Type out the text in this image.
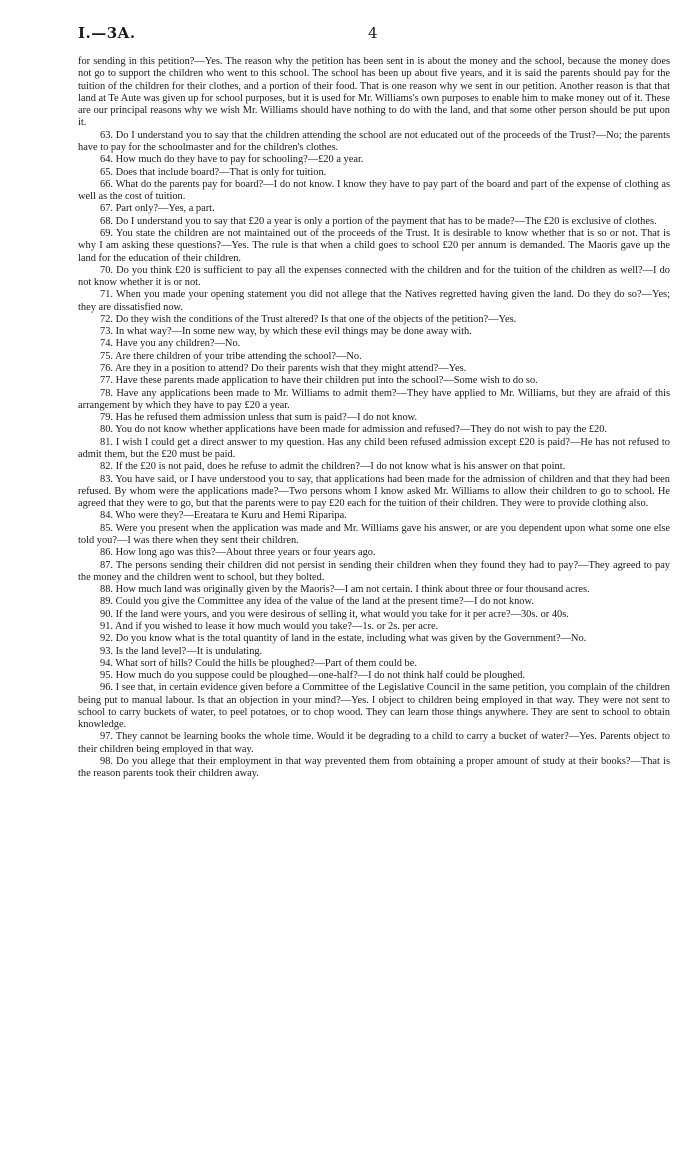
I.—3A.	4

for sending in this petition?—Yes. The reason why the petition has been sent in is about the money and the school, because the money does not go to support the children who went to this school. The school has been up about five years, and it is said the parents should pay for the tuition of the children for their clothes, and a portion of their food. That is one reason why we sent in our petition. Another reason is that that land at Te Aute was given up for school purposes, but it is used for Mr. Williams's own purposes to enable him to make money out of it. These are our principal reasons why we wish Mr. Williams should have nothing to do with the land, and that some other person should be put upon it.

63. Do I understand you to say that the children attending the school are not educated out of the proceeds of the Trust?—No; the parents have to pay for the schoolmaster and for the children's clothes.

64. How much do they have to pay for schooling?—£20 a year.

65. Does that include board?—That is only for tuition.

66. What do the parents pay for board?—I do not know. I know they have to pay part of the board and part of the expense of clothing as well as the cost of tuition.

67. Part only?—Yes, a part.

68. Do I understand you to say that £20 a year is only a portion of the payment that has to be made?—The £20 is exclusive of clothes.

69. You state the children are not maintained out of the proceeds of the Trust. It is desirable to know whether that is so or not. That is why I am asking these questions?—Yes. The rule is that when a child goes to school £20 per annum is demanded. The Maoris gave up the land for the education of their children.

70. Do you think £20 is sufficient to pay all the expenses connected with the children and for the tuition of the children as well?—I do not know whether it is or not.

71. When you made your opening statement you did not allege that the Natives regretted having given the land. Do they do so?—Yes; they are dissatisfied now.

72. Do they wish the conditions of the Trust altered? Is that one of the objects of the petition?—Yes.

73. In what way?—In some new way, by which these evil things may be done away with.

74. Have you any children?—No.

75. Are there children of your tribe attending the school?—No.

76. Are they in a position to attend? Do their parents wish that they might attend?—Yes.

77. Have these parents made application to have their children put into the school?—Some wish to do so.

78. Have any applications been made to Mr. Williams to admit them?—They have applied to Mr. Williams, but they are afraid of this arrangement by which they have to pay £20 a year.

79. Has he refused them admission unless that sum is paid?—I do not know.

80. You do not know whether applications have been made for admission and refused?—They do not wish to pay the £20.

81. I wish I could get a direct answer to my question. Has any child been refused admission except £20 is paid?—He has not refused to admit them, but the £20 must be paid.

82. If the £20 is not paid, does he refuse to admit the children?—I do not know what is his answer on that point.

83. You have said, or I have understood you to say, that applications had been made for the admission of children and that they had been refused. By whom were the applications made?—Two persons whom I know asked Mr. Williams to allow their children to go to school. He agreed that they were to go, but that the parents were to pay £20 each for the tuition of their children. They were to provide clothing also.

84. Who were they?—Ereatara te Kuru and Hemi Riparipa.

85. Were you present when the application was made and Mr. Williams gave his answer, or are you dependent upon what some one else told you?—I was there when they sent their children.

86. How long ago was this?—About three years or four years ago.

87. The persons sending their children did not persist in sending their children when they found they had to pay?—They agreed to pay the money and the children went to school, but they bolted.

88. How much land was originally given by the Maoris?—I am not certain. I think about three or four thousand acres.

89. Could you give the Committee any idea of the value of the land at the present time?—I do not know.

90. If the land were yours, and you were desirous of selling it, what would you take for it per acre?—30s. or 40s.

91. And if you wished to lease it how much would you take?—1s. or 2s. per acre.

92. Do you know what is the total quantity of land in the estate, including what was given by the Government?—No.

93. Is the land level?—It is undulating.

94. What sort of hills? Could the hills be ploughed?—Part of them could be.

95. How much do you suppose could be ploughed—one-half?—I do not think half could be ploughed.

96. I see that, in certain evidence given before a Committee of the Legislative Council in the same petition, you complain of the children being put to manual labour. Is that an objection in your mind?—Yes. I object to children being employed in that way. They were not sent to school to carry buckets of water, to peel potatoes, or to chop wood. They can learn those things anywhere. They are sent to school to obtain knowledge.

97. They cannot be learning books the whole time. Would it be degrading to a child to carry a bucket of water?—Yes. Parents object to their children being employed in that way.

98. Do you allege that their employment in that way prevented them from obtaining a proper amount of study at their books?—That is the reason parents took their children away.
